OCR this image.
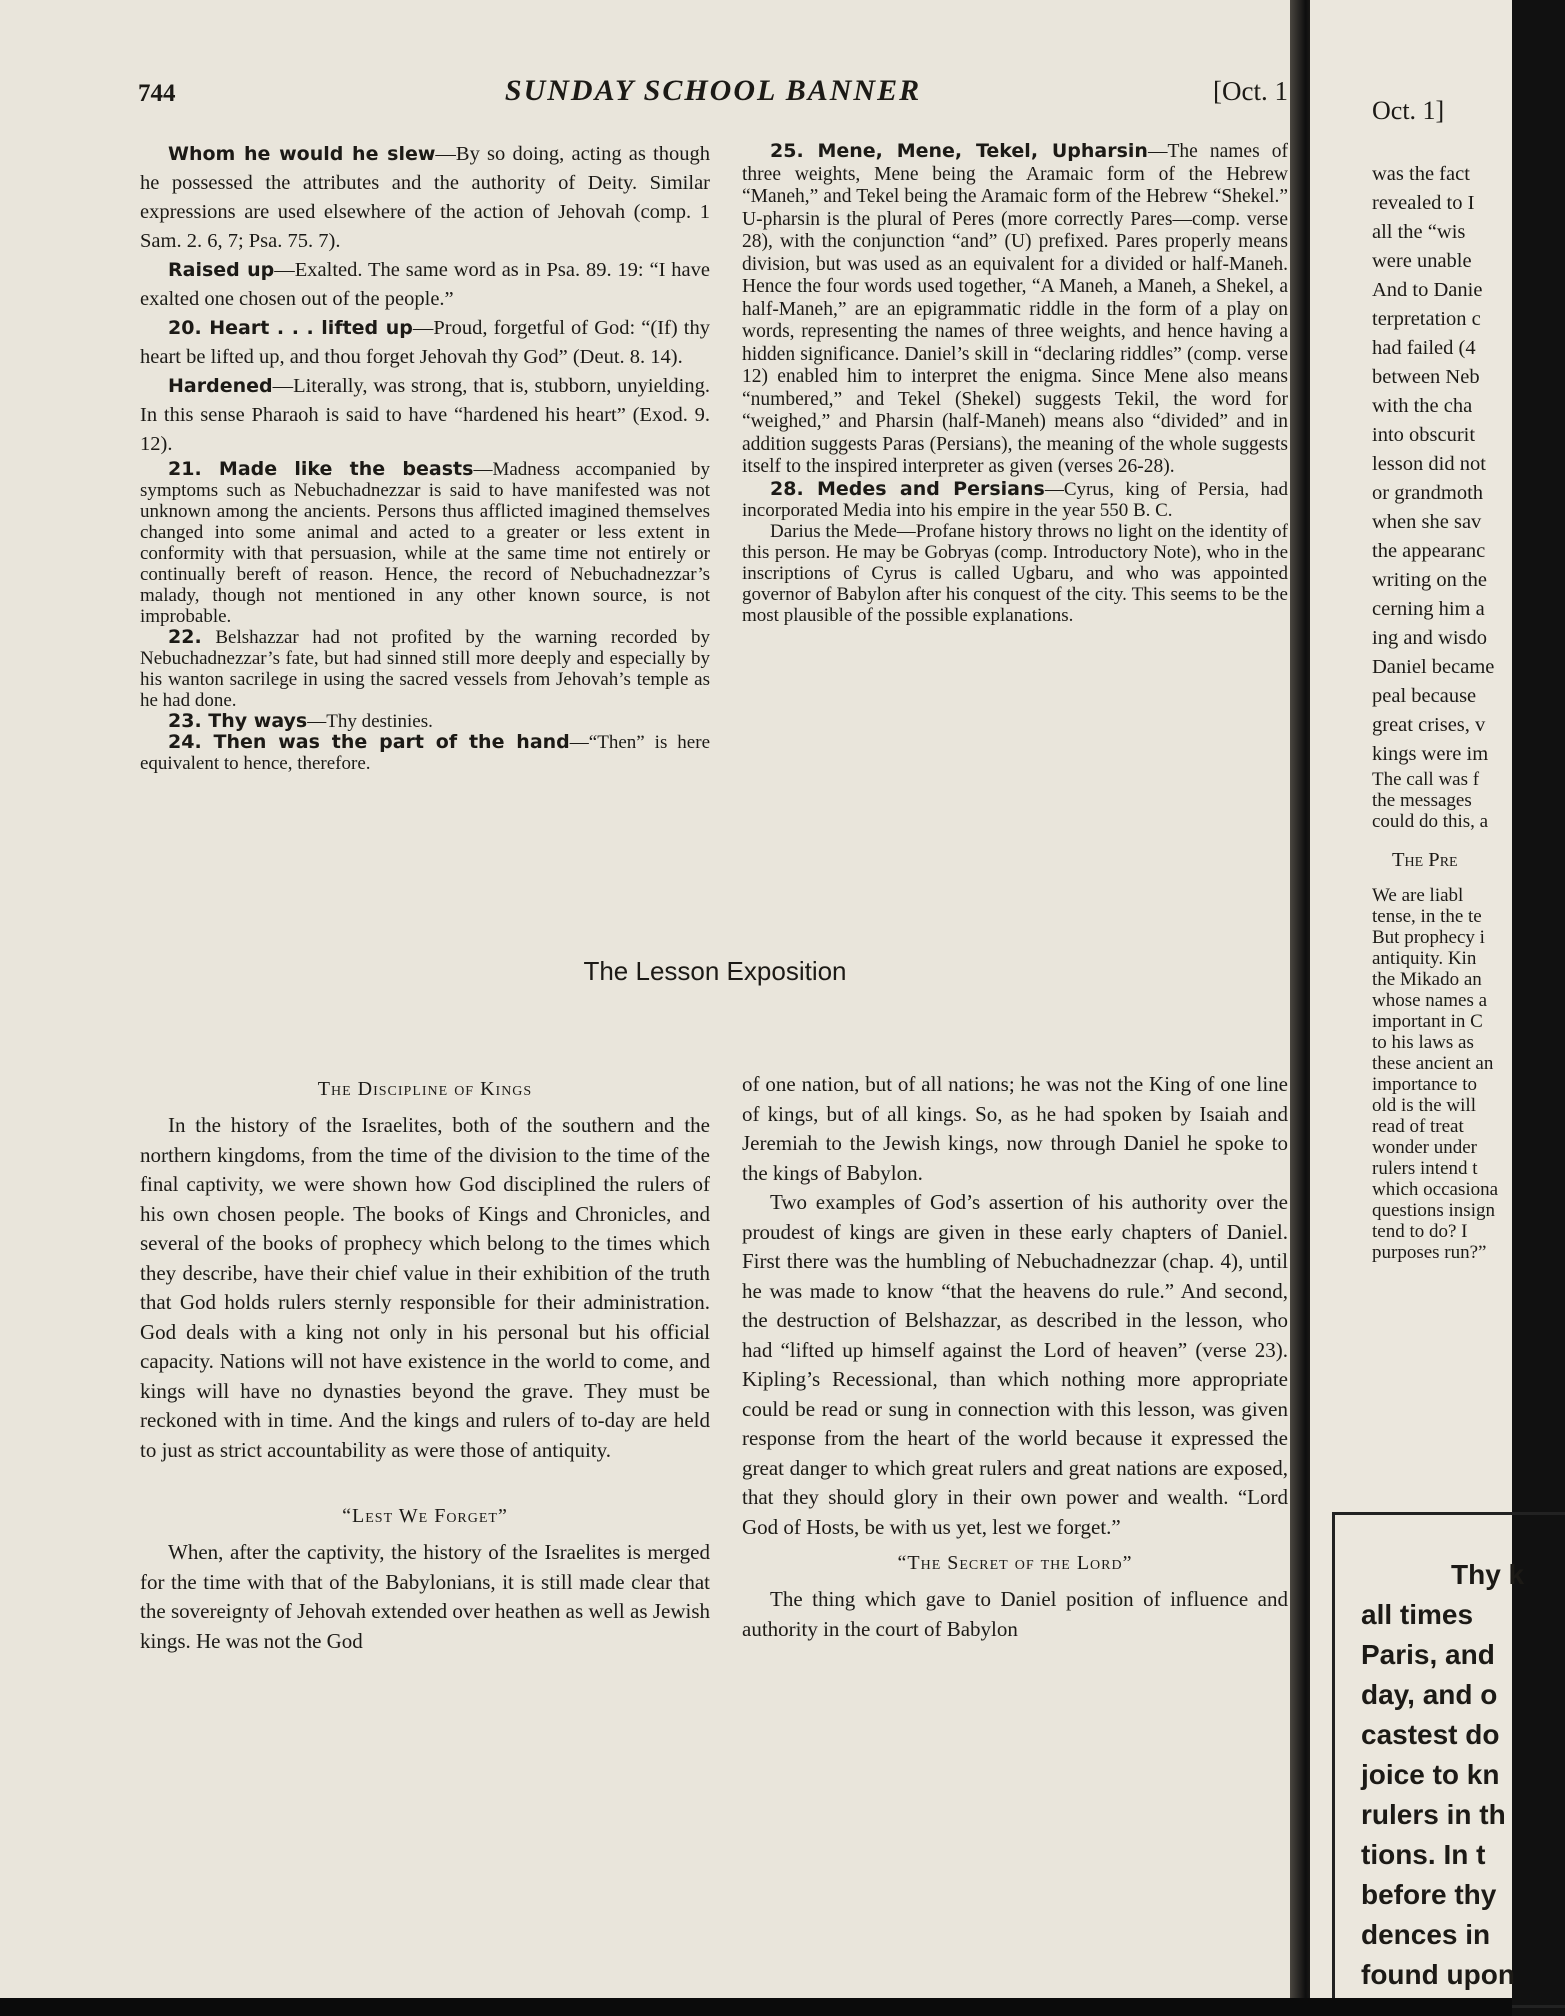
744	SUNDAY SCHOOL BANNER	[Oct. 1

Whom he would he slew—By so doing, acting as though he possessed the attributes and the authority of Deity. Similar expressions are used elsewhere of the action of Jehovah (comp. 1 Sam. 2. 6, 7; Psa. 75. 7).

Raised up—Exalted. The same word as in Psa. 89. 19: “I have exalted one chosen out of the people.”

20. Heart . . . lifted up—Proud, forgetful of God: “(If) thy heart be lifted up, and thou forget Jehovah thy God” (Deut. 8. 14).

Hardened—Literally, was strong, that is, stubborn, unyielding. In this sense Pharaoh is said to have “hardened his heart” (Exod. 9. 12).

21. Made like the beasts—Madness accompanied by symptoms such as Nebuchadnezzar is said to have manifested was not unknown among the ancients. Persons thus afflicted imagined themselves changed into some animal and acted to a greater or less extent in conformity with that persuasion, while at the same time not entirely or continually bereft of reason. Hence, the record of Nebuchadnezzar’s malady, though not mentioned in any other known source, is not improbable.

22. Belshazzar had not profited by the warning recorded by Nebuchadnezzar’s fate, but had sinned still more deeply and especially by his wanton sacrilege in using the sacred vessels from Jehovah’s temple as he had done.

23. Thy ways—Thy destinies.

24. Then was the part of the hand—“Then” is here equivalent to hence, therefore.

25. Mene, Mene, Tekel, Upharsin—The names of three weights, Mene being the Aramaic form of the Hebrew “Maneh,” and Tekel being the Aramaic form of the Hebrew “Shekel.” U-pharsin is the plural of Peres (more correctly Pares—comp. verse 28), with the conjunction “and” (U) prefixed. Pares properly means division, but was used as an equivalent for a divided or half-Maneh. Hence the four words used together, “A Maneh, a Maneh, a Shekel, a half-Maneh,” are an epigrammatic riddle in the form of a play on words, representing the names of three weights, and hence having a hidden significance. Daniel’s skill in “declaring riddles” (comp. verse 12) enabled him to interpret the enigma. Since Mene also means “numbered,” and Tekel (Shekel) suggests Tekil, the word for “weighed,” and Pharsin (half-Maneh) means also “divided” and in addition suggests Paras (Persians), the meaning of the whole suggests itself to the inspired interpreter as given (verses 26-28).

28. Medes and Persians—Cyrus, king of Persia, had incorporated Media into his empire in the year 550 B. C.

Darius the Mede—Profane history throws no light on the identity of this person. He may be Gobryas (comp. Introductory Note), who in the inscriptions of Cyrus is called Ugbaru, and who was appointed governor of Babylon after his conquest of the city. This seems to be the most plausible of the possible explanations.

The Lesson Exposition
The Discipline of Kings

In the history of the Israelites, both of the southern and the northern kingdoms, from the time of the division to the time of the final captivity, we were shown how God disciplined the rulers of his own chosen people. The books of Kings and Chronicles, and several of the books of prophecy which belong to the times which they describe, have their chief value in their exhibition of the truth that God holds rulers sternly responsible for their administration. God deals with a king not only in his personal but his official capacity. Nations will not have existence in the world to come, and kings will have no dynasties beyond the grave. They must be reckoned with in time. And the kings and rulers of to-day are held to just as strict accountability as were those of antiquity.

“Lest We Forget”

When, after the captivity, the history of the Israelites is merged for the time with that of the Babylonians, it is still made clear that the sovereignty of Jehovah extended over heathen as well as Jewish kings. He was not the God

of one nation, but of all nations; he was not the King of one line of kings, but of all kings. So, as he had spoken by Isaiah and Jeremiah to the Jewish kings, now through Daniel he spoke to the kings of Babylon.

Two examples of God’s assertion of his authority over the proudest of kings are given in these early chapters of Daniel. First there was the humbling of Nebuchadnezzar (chap. 4), until he was made to know “that the heavens do rule.” And second, the destruction of Belshazzar, as described in the lesson, who had “lifted up himself against the Lord of heaven” (verse 23). Kipling’s Recessional, than which nothing more appropriate could be read or sung in connection with this lesson, was given response from the heart of the world because it expressed the great danger to which great rulers and great nations are exposed, that they should glory in their own power and wealth. “Lord God of Hosts, be with us yet, lest we forget.”

“The Secret of the Lord”

The thing which gave to Daniel position of influence and authority in the court of Babylon

Oct. 1]
was the fact
revealed to I
all the “wis
were unable
And to Danie
terpretation c
had failed (4
between Neb
with the cha
into obscurit
lesson did not
or grandmoth
when she sav
the appearanc
writing on the
cerning him a
ing and wisdo
Daniel became
peal because
great crises, v
kings were im
The call was f
the messages
could do this, a
The Pre
We are liabl
tense, in the te
But prophecy i
antiquity. Kin
the Mikado an
whose names a
important in C
to his laws as
these ancient an
importance to
old is the will
read of treat
wonder under
rulers intend t
which occasiona
questions insign
tend to do? I
purposes run?”
Thy k
all times
Paris, and
day, and o
castest do
joice to kn
rulers in th
tions. In t
before thy
dences in
found upon
